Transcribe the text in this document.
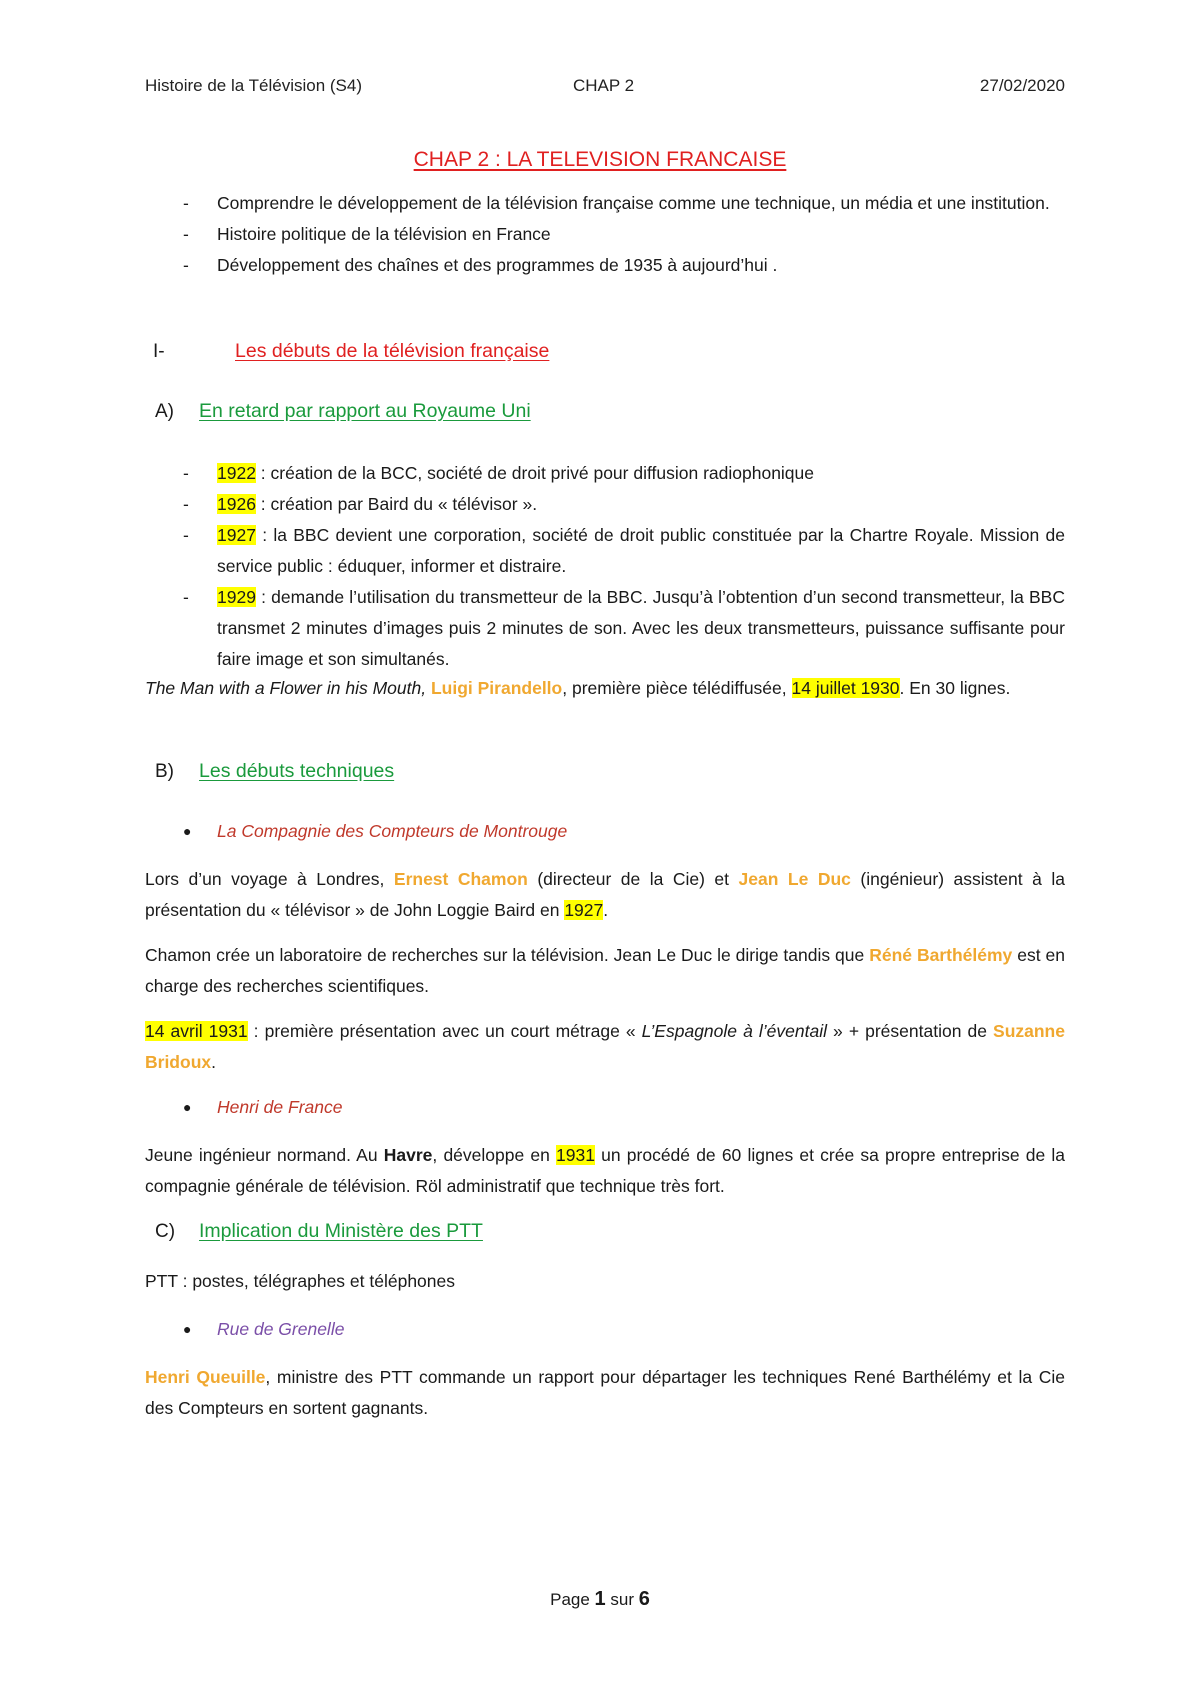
Histoire de la Télévision (S4)	CHAP 2	27/02/2020
CHAP 2 : LA TELEVISION FRANCAISE
- Comprendre le développement de la télévision française comme une technique, un média et une institution.
- Histoire politique de la télévision en France
- Développement des chaînes et des programmes de 1935 à aujourd’hui .
I-	Les débuts de la télévision française
A) En retard par rapport au Royaume Uni
- 1922 : création de la BCC, société de droit privé pour diffusion radiophonique
- 1926 : création par Baird du « télévisor ».
- 1927 : la BBC devient une corporation, société de droit public constituée par la Chartre Royale. Mission de service public : éduquer, informer et distraire.
- 1929 : demande l’utilisation du transmetteur de la BBC. Jusqu’à l’obtention d’un second transmetteur, la BBC transmet 2 minutes d’images puis 2 minutes de son. Avec les deux transmetteurs, puissance suffisante pour faire image et son simultanés.
The Man with a Flower in his Mouth, Luigi Pirandello, première pièce télédiffusée, 14 juillet 1930. En 30 lignes.
B) Les débuts techniques
● La Compagnie des Compteurs de Montrouge
Lors d’un voyage à Londres, Ernest Chamon (directeur de la Cie) et Jean Le Duc (ingénieur) assistent à la présentation du « télévisor » de John Loggie Baird en 1927.
Chamon crée un laboratoire de recherches sur la télévision. Jean Le Duc le dirige tandis que Réné Barthélémy est en charge des recherches scientifiques.
14 avril 1931 : première présentation avec un court métrage « L’Espagnole à l’éventail » + présentation de Suzanne Bridoux.
● Henri de France
Jeune ingénieur normand. Au Havre, développe en 1931 un procédé de 60 lignes et crée sa propre entreprise de la compagnie générale de télévision. Röl administratif que technique très fort.
C) Implication du Ministère des PTT
PTT : postes, télégraphes et téléphones
● Rue de Grenelle
Henri Queuille, ministre des PTT commande un rapport pour départager les techniques René Barthélémy et la Cie des Compteurs en sortent gagnants.
Page 1 sur 6
